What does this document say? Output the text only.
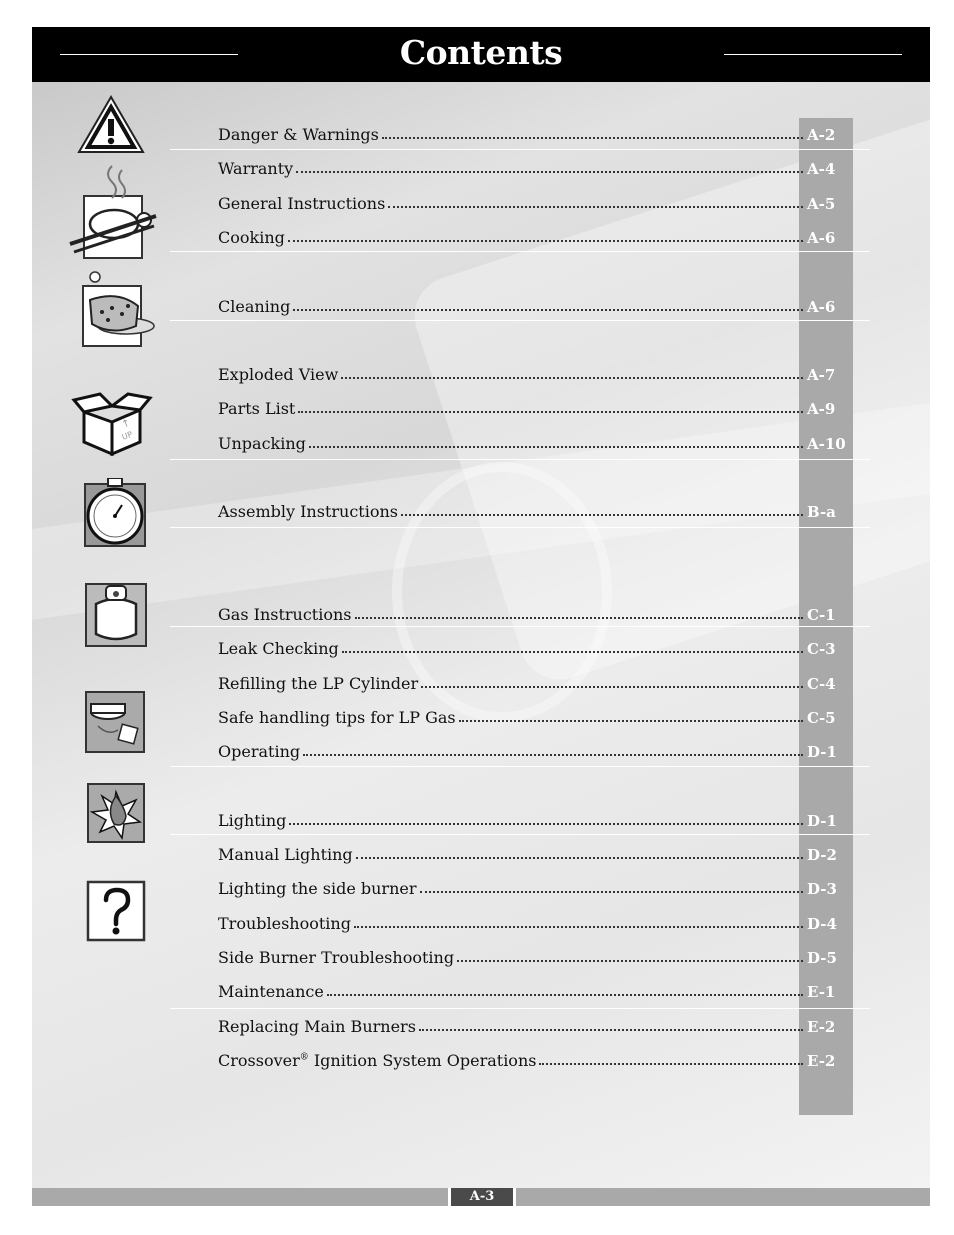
Contents
Danger & Warnings	A-2
Warranty	A-4
General Instructions	A-5
Cooking	A-6
Cleaning	A-6
Exploded View	A-7
Parts List	A-9
Unpacking	A-10
Assembly Instructions	B-a
Gas Instructions	C-1
Leak Checking	C-3
Refilling the LP Cylinder	C-4
Safe handling tips for LP Gas	C-5
Operating	D-1
Lighting	D-1
Manual Lighting	D-2
Lighting the side burner	D-3
Troubleshooting	D-4
Side Burner Troubleshooting	D-5
Maintenance	E-1
Replacing Main Burners	E-2
Crossover® Ignition System Operations	E-2
↑
UP
A-3
